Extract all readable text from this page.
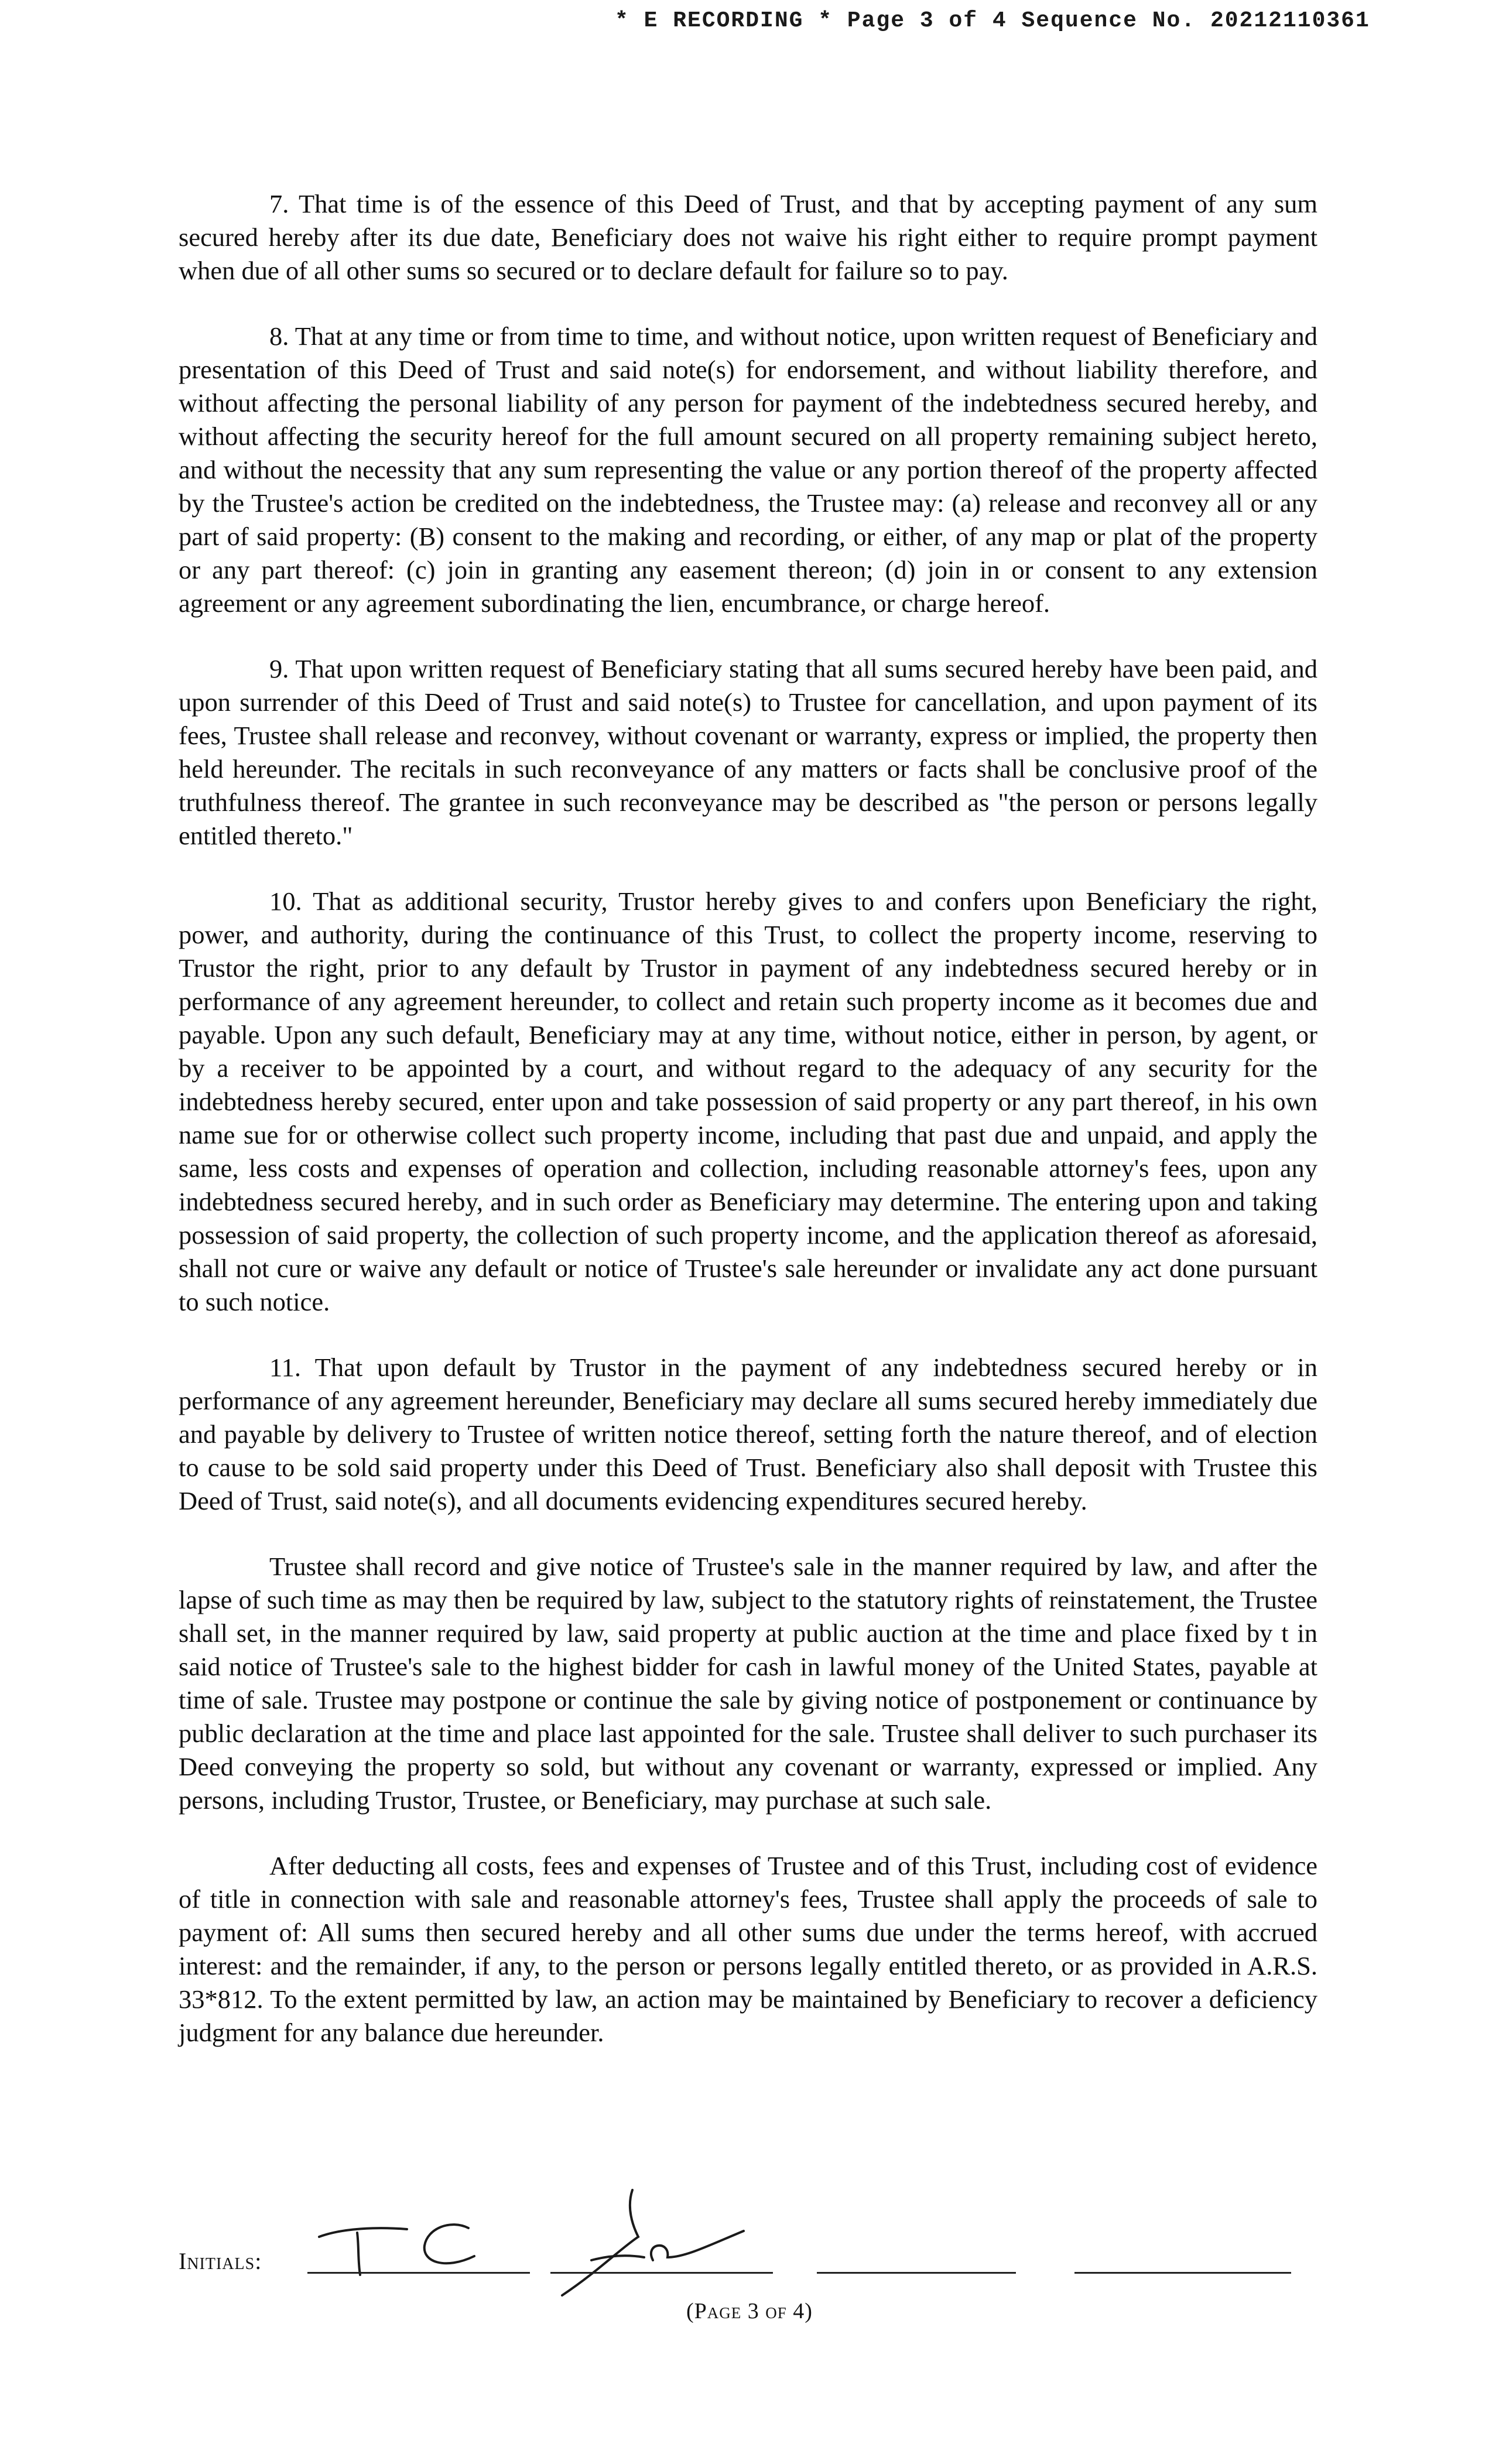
* E RECORDING * Page 3 of 4 Sequence No. 20212110361

7. That time is of the essence of this Deed of Trust, and that by accepting payment of any sum secured hereby after its due date, Beneficiary does not waive his right either to require prompt payment when due of all other sums so secured or to declare default for failure so to pay.

8. That at any time or from time to time, and without notice, upon written request of Beneficiary and presentation of this Deed of Trust and said note(s) for endorsement, and without liability therefore, and without affecting the personal liability of any person for payment of the indebtedness secured hereby, and without affecting the security hereof for the full amount secured on all property remaining subject hereto, and without the necessity that any sum representing the value or any portion thereof of the property affected by the Trustee's action be credited on the indebtedness, the Trustee may: (a) release and reconvey all or any part of said property: (B) consent to the making and recording, or either, of any map or plat of the property or any part thereof: (c) join in granting any easement thereon; (d) join in or consent to any extension agreement or any agreement subordinating the lien, encumbrance, or charge hereof.

9. That upon written request of Beneficiary stating that all sums secured hereby have been paid, and upon surrender of this Deed of Trust and said note(s) to Trustee for cancellation, and upon payment of its fees, Trustee shall release and reconvey, without covenant or warranty, express or implied, the property then held hereunder. The recitals in such reconveyance of any matters or facts shall be conclusive proof of the truthfulness thereof. The grantee in such reconveyance may be described as "the person or persons legally entitled thereto."

10. That as additional security, Trustor hereby gives to and confers upon Beneficiary the right, power, and authority, during the continuance of this Trust, to collect the property income, reserving to Trustor the right, prior to any default by Trustor in payment of any indebtedness secured hereby or in performance of any agreement hereunder, to collect and retain such property income as it becomes due and payable. Upon any such default, Beneficiary may at any time, without notice, either in person, by agent, or by a receiver to be appointed by a court, and without regard to the adequacy of any security for the indebtedness hereby secured, enter upon and take possession of said property or any part thereof, in his own name sue for or otherwise collect such property income, including that past due and unpaid, and apply the same, less costs and expenses of operation and collection, including reasonable attorney's fees, upon any indebtedness secured hereby, and in such order as Beneficiary may determine. The entering upon and taking possession of said property, the collection of such property income, and the application thereof as aforesaid, shall not cure or waive any default or notice of Trustee's sale hereunder or invalidate any act done pursuant to such notice.

11. That upon default by Trustor in the payment of any indebtedness secured hereby or in performance of any agreement hereunder, Beneficiary may declare all sums secured hereby immediately due and payable by delivery to Trustee of written notice thereof, setting forth the nature thereof, and of election to cause to be sold said property under this Deed of Trust. Beneficiary also shall deposit with Trustee this Deed of Trust, said note(s), and all documents evidencing expenditures secured hereby.

Trustee shall record and give notice of Trustee's sale in the manner required by law, and after the lapse of such time as may then be required by law, subject to the statutory rights of reinstatement, the Trustee shall set, in the manner required by law, said property at public auction at the time and place fixed by t in said notice of Trustee's sale to the highest bidder for cash in lawful money of the United States, payable at time of sale. Trustee may postpone or continue the sale by giving notice of postponement or continuance by public declaration at the time and place last appointed for the sale. Trustee shall deliver to such purchaser its Deed conveying the property so sold, but without any covenant or warranty, expressed or implied. Any persons, including Trustor, Trustee, or Beneficiary, may purchase at such sale.

After deducting all costs, fees and expenses of Trustee and of this Trust, including cost of evidence of title in connection with sale and reasonable attorney's fees, Trustee shall apply the proceeds of sale to payment of: All sums then secured hereby and all other sums due under the terms hereof, with accrued interest: and the remainder, if any, to the person or persons legally entitled thereto, or as provided in A.R.S. 33*812. To the extent permitted by law, an action may be maintained by Beneficiary to recover a deficiency judgment for any balance due hereunder.

Initials:
(Page 3 of 4)
